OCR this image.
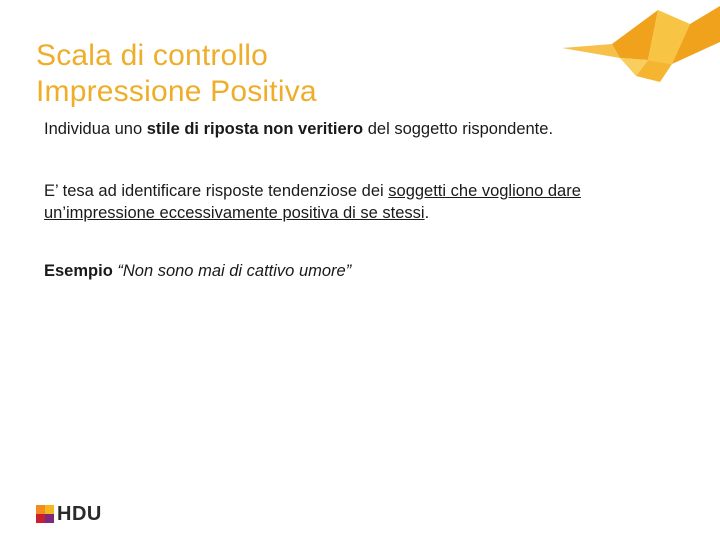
Scala di controllo
Impressione Positiva

Individua uno stile di riposta non veritiero del soggetto rispondente.

E’ tesa ad identificare risposte tendenziose dei soggetti che vogliono dare un’impressione eccessivamente positiva di se stessi.

Esempio “Non sono mai di cattivo umore”

HDU
